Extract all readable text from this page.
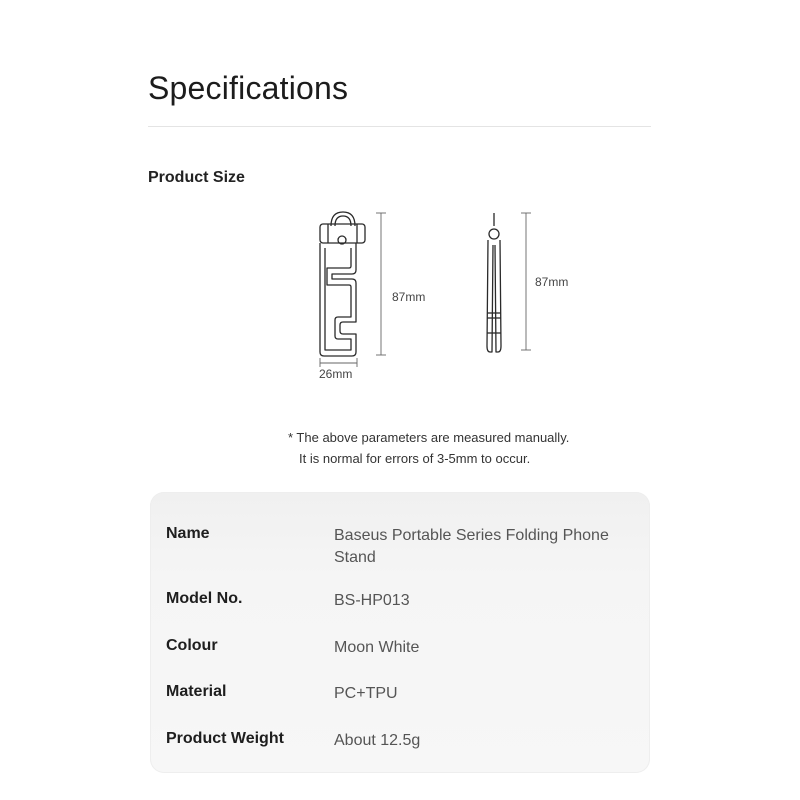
Specifications
Product Size
87mm
26mm
87mm
* The above parameters are measured manually.
It is normal for errors of 3-5mm to occur.
Name	Baseus Portable Series Folding Phone Stand
Model No.	BS-HP013
Colour	Moon White
Material	PC+TPU
Product Weight	About 12.5g
